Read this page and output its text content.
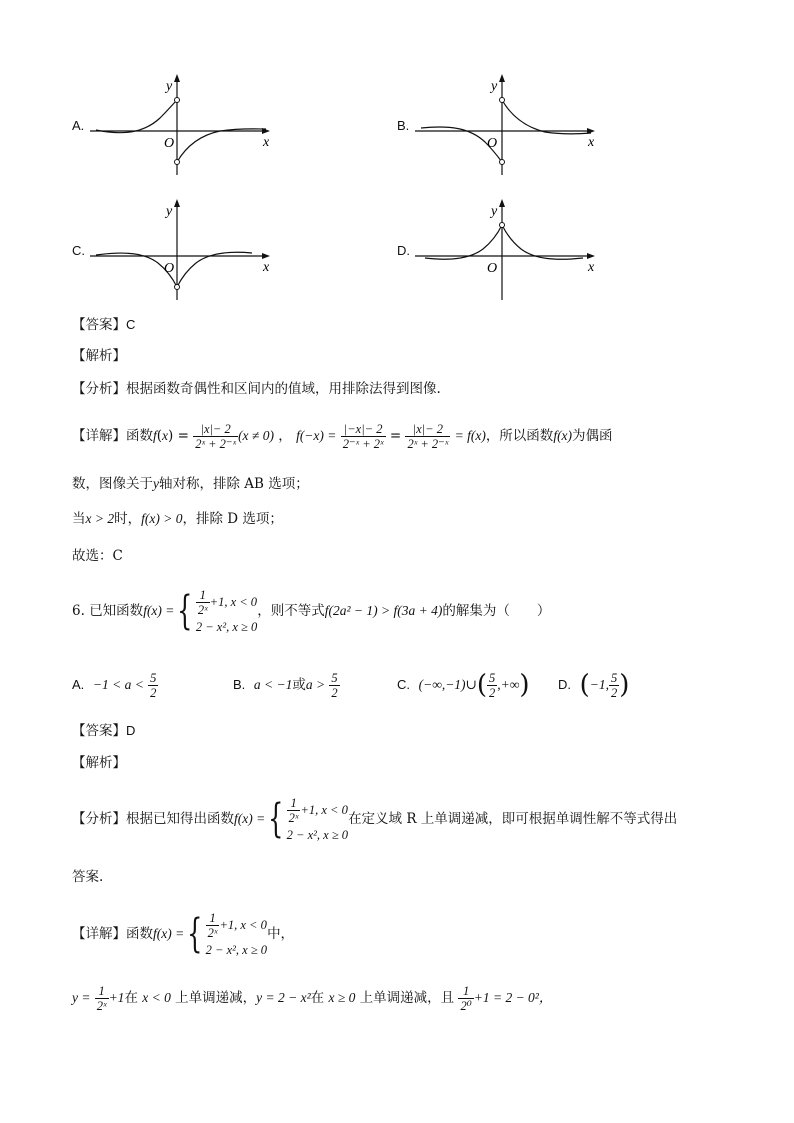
A.
y
O	x
B.
y
O	x
C.
y
O	x
D.
y
O	x
【答案】C
【解析】
【分析】根据函数奇偶性和区间内的值域，用排除法得到图像.
【详解】 函数 f ( x ) = $\frac{|x|- 2}{\text{2ˣ + 2⁻ˣ}} (x \ne 0)$ ， f(−x) =
$\frac{|-x|- 2}{\text{2⁻ˣ + 2ˣ}} = \frac{|x|- 2}{\text{2ˣ + 2⁻ˣ}}$
= f(x) ，所以函数 f(x) 为偶函
数，图像关于y轴对称，排除 AB 选项；
当x > 2时，f(x) > 0，排除 D 选项；
故选：C
6.
已知函数 f(x) = { $\frac{1}{\text{2ˣ}} +1$, x < 0
2 − x², x ≥ 0
，则不等式 f(2a² − 1) > f(3a + 4) 的解集为（　　）
A.
−1 < a <
$\frac{5}{2}$	B.
a < −1 或 a >
$\frac{5}{2}$	C.
(−∞,−1)∪ ( $\frac{5}{2}$ ,+∞ ) D.
( −1, $\frac{5}{2}$ )
【答案】D
【解析】
【分析】 根据已知得出函数 f(x) = { $\frac{1}{\text{2ˣ}} +1$, x < 0
2 − x², x ≥ 0
在定义域 R 上单调递减，即可根据单调性解不等式得出
答案.
【详解】 函数 f(x) = { $\frac{1}{\text{2ˣ}} +1$, x < 0
2 − x², x ≥ 0
中，
y =
$\frac{1}{\text{2ˣ}} +1$ 在
x < 0
上单调递减， y = 2 − x² 在
x ≥ 0
上单调递减，且
$\frac{1}{\text{2⁰}} +1 = 2 - 0^2$，
